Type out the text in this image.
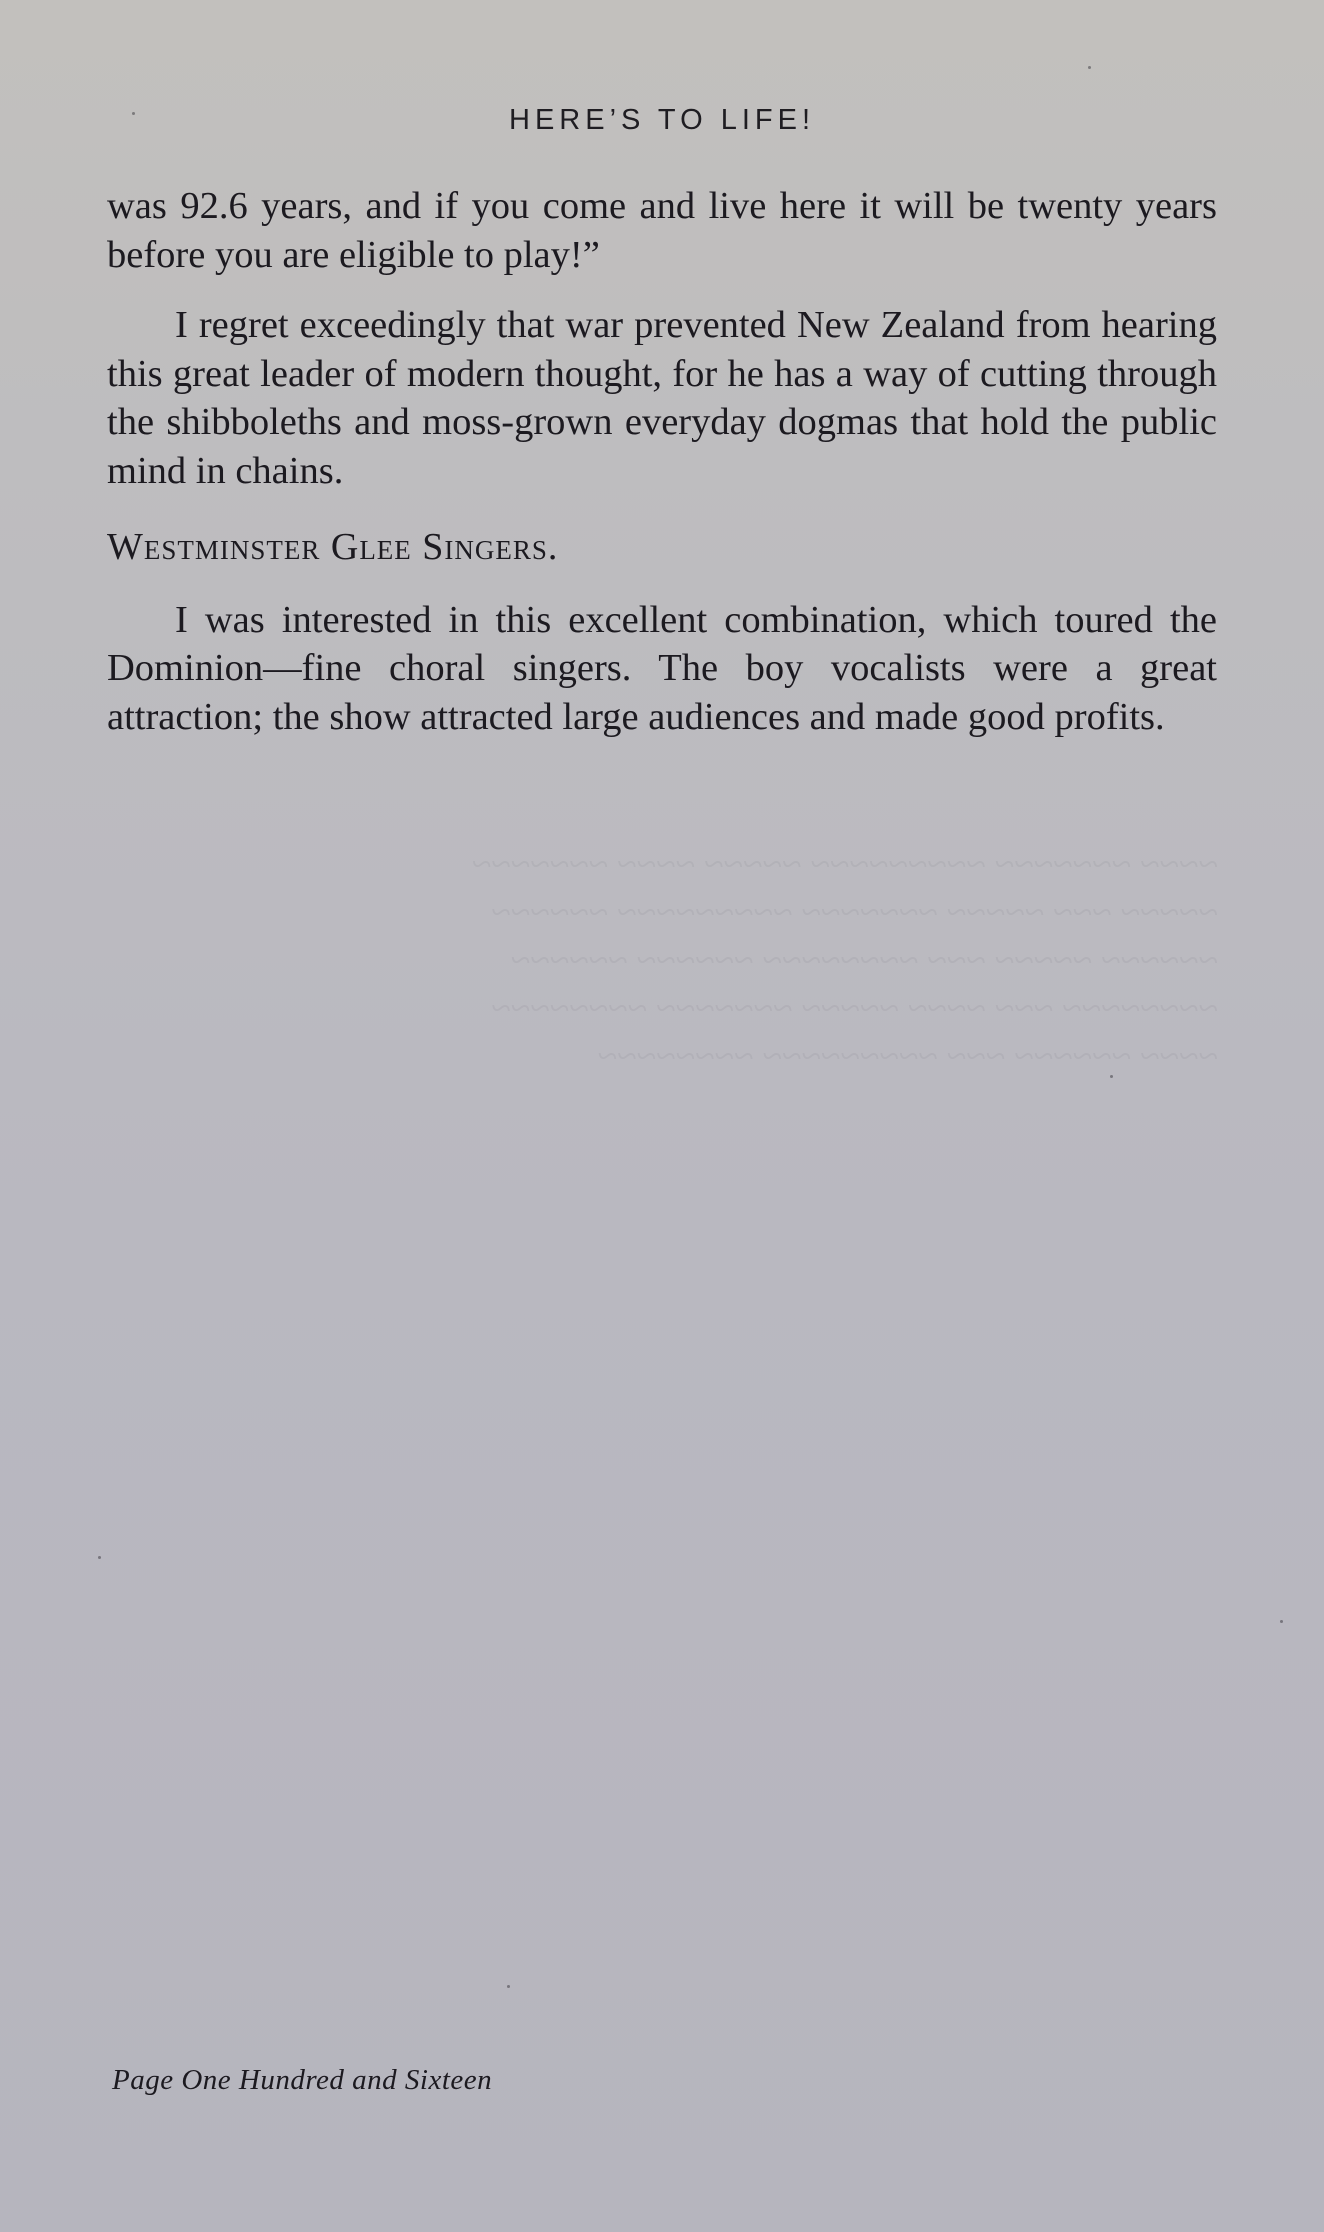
~~~~ ~~~~~~~ ~~~~~~~~~ ~~~~~ ~~~~ ~~~~~~~
~~~~~ ~~~ ~~~~~ ~~~~~~~ ~~~~~~~~~ ~~~~~~
~~~~~~ ~~~~~ ~~~ ~~~~~~~~ ~~~~~~ ~~~~~~
~~~~~~~~ ~~~ ~~~~ ~~~~~ ~~~~~~~ ~~~~~~~~
~~~~ ~~~~~~ ~~~ ~~~~~~~~~ ~~~~~~~~
HERE’S TO LIFE!

was 92.6 years, and if you come and live here it will be twenty years before you are eligible to play!”

I regret exceedingly that war prevented New Zealand from hearing this great leader of modern thought, for he has a way of cutting through the shibboleths and moss-grown everyday dogmas that hold the public mind in chains.

Westminster Glee Singers.

I was interested in this excellent combination, which toured the Dominion—fine choral singers. The boy vocalists were a great attraction; the show attracted large audiences and made good profits.

Page One Hundred and Sixteen
